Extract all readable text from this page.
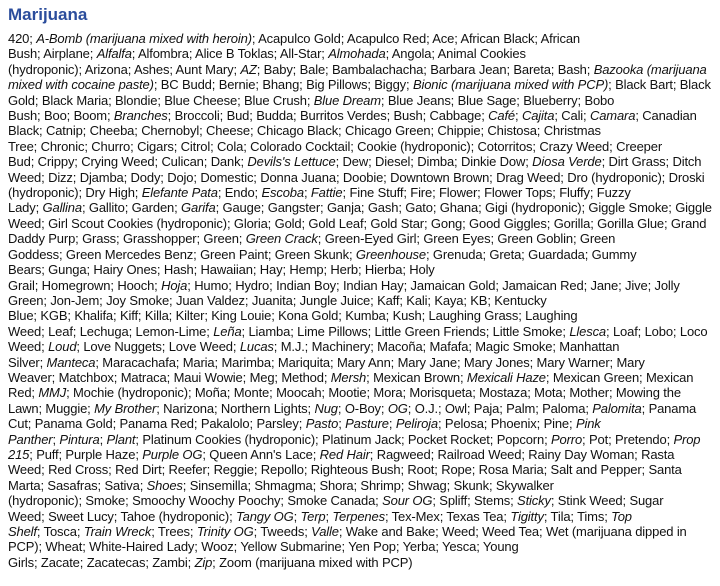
Marijuana

420; A-Bomb (marijuana mixed with heroin); Acapulco Gold; Acapulco Red; Ace; African Black; African Bush; Airplane; Alfalfa; Alfombra; Alice B Toklas; All-Star; Almohada; Angola; Animal Cookies (hydroponic); Arizona; Ashes; Aunt Mary; AZ; Baby; Bale; Bambalachacha; Barbara Jean; Bareta; Bash; Bazooka (marijuana mixed with cocaine paste); BC Budd; Bernie; Bhang; Big Pillows; Biggy; Bionic (marijuana mixed with PCP); Black Bart; Black Gold; Black Maria; Blondie; Blue Cheese; Blue Crush; Blue Dream; Blue Jeans; Blue Sage; Blueberry; Bobo Bush; Boo; Boom; Branches; Broccoli; Bud; Budda; Burritos Verdes; Bush; Cabbage; Café; Cajita; Cali; Camara; Canadian Black; Catnip; Cheeba; Chernobyl; Cheese; Chicago Black; Chicago Green; Chippie; Chistosa; Christmas Tree; Chronic; Churro; Cigars; Citrol; Cola; Colorado Cocktail; Cookie (hydroponic); Cotorritos; Crazy Weed; Creeper Bud; Crippy; Crying Weed; Culican; Dank; Devils's Lettuce; Dew; Diesel; Dimba; Dinkie Dow; Diosa Verde; Dirt Grass; Ditch Weed; Dizz; Djamba; Dody; Dojo; Domestic; Donna Juana; Doobie; Downtown Brown; Drag Weed; Dro (hydroponic); Droski (hydroponic); Dry High; Elefante Pata; Endo; Escoba; Fattie; Fine Stuff; Fire; Flower; Flower Tops; Fluffy; Fuzzy Lady; Gallina; Gallito; Garden; Garifa; Gauge; Gangster; Ganja; Gash; Gato; Ghana; Gigi (hydroponic); Giggle Smoke; Giggle Weed; Girl Scout Cookies (hydroponic); Gloria; Gold; Gold Leaf; Gold Star; Gong; Good Giggles; Gorilla; Gorilla Glue; Grand Daddy Purp; Grass; Grasshopper; Green; Green Crack; Green-Eyed Girl; Green Eyes; Green Goblin; Green Goddess; Green Mercedes Benz; Green Paint; Green Skunk; Greenhouse; Grenuda; Greta; Guardada; Gummy Bears; Gunga; Hairy Ones; Hash; Hawaiian; Hay; Hemp; Herb; Hierba; Holy Grail; Homegrown; Hooch; Hoja; Humo; Hydro; Indian Boy; Indian Hay; Jamaican Gold; Jamaican Red; Jane; Jive; Jolly Green; Jon-Jem; Joy Smoke; Juan Valdez; Juanita; Jungle Juice; Kaff; Kali; Kaya; KB; Kentucky Blue; KGB; Khalifa; Kiff; Killa; Kilter; King Louie; Kona Gold; Kumba; Kush; Laughing Grass; Laughing Weed; Leaf; Lechuga; Lemon-Lime; Leña; Liamba; Lime Pillows; Little Green Friends; Little Smoke; Llesca; Loaf; Lobo; Loco Weed; Loud; Love Nuggets; Love Weed; Lucas; M.J.; Machinery; Macoña; Mafafa; Magic Smoke; Manhattan Silver; Manteca; Maracachafa; Maria; Marimba; Mariquita; Mary Ann; Mary Jane; Mary Jones; Mary Warner; Mary Weaver; Matchbox; Matraca; Maui Wowie; Meg; Method; Mersh; Mexican Brown; Mexicali Haze; Mexican Green; Mexican Red; MMJ; Mochie (hydroponic); Moña; Monte; Moocah; Mootie; Mora; Morisqueta; Mostaza; Mota; Mother; Mowing the Lawn; Muggie; My Brother; Narizona; Northern Lights; Nug; O-Boy; OG; O.J.; Owl; Paja; Palm; Paloma; Palomita; Panama Cut; Panama Gold; Panama Red; Pakalolo; Parsley; Pasto; Pasture; Peliroja; Pelosa; Phoenix; Pine; Pink Panther; Pintura; Plant; Platinum Cookies (hydroponic); Platinum Jack; Pocket Rocket; Popcorn; Porro; Pot; Pretendo; Prop 215; Puff; Purple Haze; Purple OG; Queen Ann's Lace; Red Hair; Ragweed; Railroad Weed; Rainy Day Woman; Rasta Weed; Red Cross; Red Dirt; Reefer; Reggie; Repollo; Righteous Bush; Root; Rope; Rosa Maria; Salt and Pepper; Santa Marta; Sasafras; Sativa; Shoes; Sinsemilla; Shmagma; Shora; Shrimp; Shwag; Skunk; Skywalker (hydroponic); Smoke; Smoochy Woochy Poochy; Smoke Canada; Sour OG; Spliff; Stems; Sticky; Stink Weed; Sugar Weed; Sweet Lucy; Tahoe (hydroponic); Tangy OG; Terp; Terpenes; Tex-Mex; Texas Tea; Tigitty; Tila; Tims; Top Shelf; Tosca; Train Wreck; Trees; Trinity OG; Tweeds; Valle; Wake and Bake; Weed; Weed Tea; Wet (marijuana dipped in PCP); Wheat; White-Haired Lady; Wooz; Yellow Submarine; Yen Pop; Yerba; Yesca; Young Girls; Zacate; Zacatecas; Zambi; Zip; Zoom (marijuana mixed with PCP)
